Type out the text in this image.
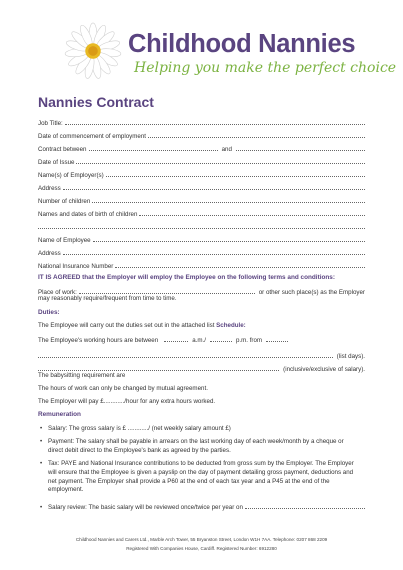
Childhood Nannies
Helping you make the perfect choice
Nannies Contract
Job Title:
Date of commencement of employment
Contract between	and
Date of Issue
Name(s) of Employer(s)
Address
Number of children
Names and dates of birth of children
Name of Employee
Address
National Insurance Number
IT IS AGREED that the Employer will employ the Employee on the following terms and conditions:
Place of work:	or other such place(s) as the Employer
may reasonably require/frequent from time to time.
Duties:
The Employee will carry out the duties set out in the attached list Schedule:
The Employee's working hours are between	a.m./	p.m. from
(list days).
(inclusive/exclusive of salary).
The babysitting requirement are
The hours of work can only be changed by mutual agreement.
The Employer will pay £............/hour for any extra hours worked.
Remuneration
• Salary: The gross salary is £ ............/ (net weekly salary amount £)
• Payment: The salary shall be payable in arrears on the last working day of each week/month by a cheque or direct debit direct to the Employee's bank as agreed by the parties.
• Tax: PAYE and National Insurance contributions to be deducted from gross sum by the Employer. The Employer will ensure that the Employee is given a payslip on the day of payment detailing gross payment, deductions and net payment. The Employer shall provide a P60 at the end of each tax year and a P45 at the end of the employment.
• Salary review: The basic salary will be reviewed once/twice per year on
Childhood Nannies and Carers Ltd., Marble Arch Tower, 55 Bryanston Street, London W1H 7AA. Telephone: 0207 868 2209
Registered With Companies House, Cardiff. Registered Number: 6912280
